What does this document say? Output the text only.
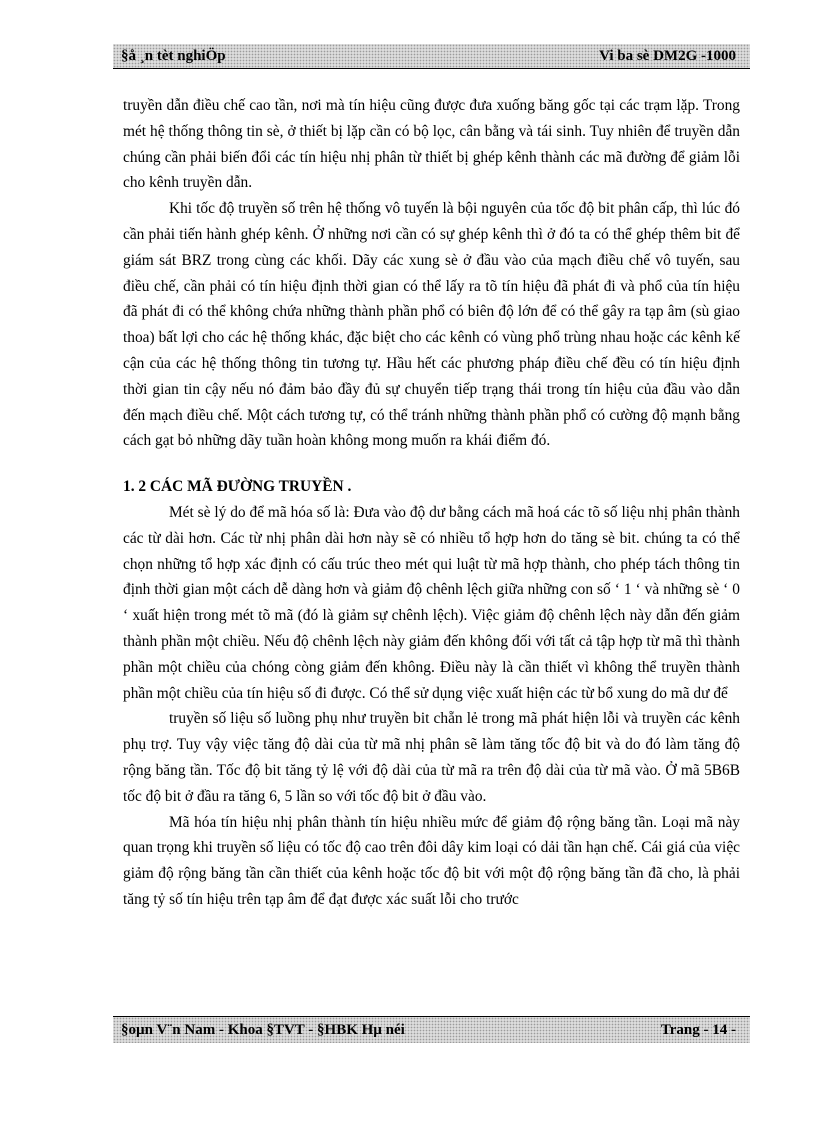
§å ¸n tèt nghiÖp	Vi ba sè DM2G -1000

truyền dẫn điều chế cao tần, nơi mà tín hiệu cũng được đưa xuống băng gốc tại các trạm lặp. Trong mét hệ thống thông tin sè, ở thiết bị lặp cần có bộ lọc, cân bằng và tái sinh. Tuy nhiên để truyền dẫn chúng cần phải biến đổi các tín hiệu nhị phân từ thiết bị ghép kênh thành các mã đường để giảm lỗi cho kênh truyền dẫn.

Khi tốc độ truyền số trên hệ thống vô tuyến là bội nguyên của tốc độ bit phân cấp, thì lúc đó cần phải tiến hành ghép kênh. Ở những nơi cần có sự ghép kênh thì ở đó ta có thể ghép thêm bit để giám sát BRZ trong cùng các khối. Dãy các xung sè ở đầu vào của mạch điều chế vô tuyến, sau điều chế, cần phải có tín hiệu định thời gian có thể lấy ra tõ tín hiệu đã phát đi và phổ của tín hiệu đã phát đi có thể không chứa những thành phần phổ có biên độ lớn để có thể gây ra tạp âm (sù giao thoa) bất lợi cho các hệ thống khác, đặc biệt cho các kênh có vùng phổ trùng nhau hoặc các kênh kế cận của các hệ thống thông tin tương tự. Hầu hết các phương pháp điều chế đều có tín hiệu định thời gian tin cậy nếu nó đảm bảo đầy đủ sự chuyển tiếp trạng thái trong tín hiệu của đầu vào dẫn đến mạch điều chế. Một cách tương tự, có thể tránh những thành phần phổ có cường độ mạnh bằng cách gạt bỏ những dãy tuần hoàn không mong muốn ra khái điểm đó.

1. 2 CÁC MÃ ĐƯỜNG TRUYỀN .

Mét sè lý do để mã hóa số là: Đưa vào độ dư bằng cách mã hoá các tõ số liệu nhị phân thành các từ dài hơn. Các từ nhị phân dài hơn này sẽ có nhiều tổ hợp hơn do tăng sè bit. chúng ta có thể chọn những tổ hợp xác định có cấu trúc theo mét qui luật từ mã hợp thành, cho phép tách thông tin định thời gian một cách dễ dàng hơn và giảm độ chênh lệch giữa những con số ‘ 1 ‘ và những sè ‘ 0 ‘ xuất hiện trong mét tõ mã (đó là giảm sự chênh lệch). Việc giảm độ chênh lệch này dẫn đến giảm thành phần một chiều. Nếu độ chênh lệch này giảm đến không đối với tất cả tập hợp từ mã thì thành phần một chiều của chóng còng giảm đến không. Điều này là cần thiết vì không thể truyền thành phần một chiều của tín hiệu số đi được. Có thể sử dụng việc xuất hiện các từ bổ xung do mã dư để

truyền số liệu số luồng phụ như truyền bit chẵn lẻ trong mã phát hiện lỗi và truyền các kênh phụ trợ. Tuy vậy việc tăng độ dài của từ mã nhị phân sẽ làm tăng tốc độ bit và do đó làm tăng độ rộng băng tần. Tốc độ bit tăng tỷ lệ với độ dài của từ mã ra trên độ dài của từ mã vào. Ở mã 5B6B tốc độ bit ở đầu ra tăng 6, 5 lần so với tốc độ bit ở đầu vào.

Mã hóa tín hiệu nhị phân thành tín hiệu nhiều mức để giảm độ rộng băng tần. Loại mã này quan trọng khi truyền số liệu có tốc độ cao trên đôi dây kim loại có dải tần hạn chế. Cái giá của việc giảm độ rộng băng tần cần thiết của kênh hoặc tốc độ bit với một độ rộng băng tần đã cho, là phải tăng tỷ số tín hiệu trên tạp âm để đạt được xác suất lỗi cho trước

§oµn V¨n Nam - Khoa §TVT - §HBK Hµ néi	Trang - 14 -
